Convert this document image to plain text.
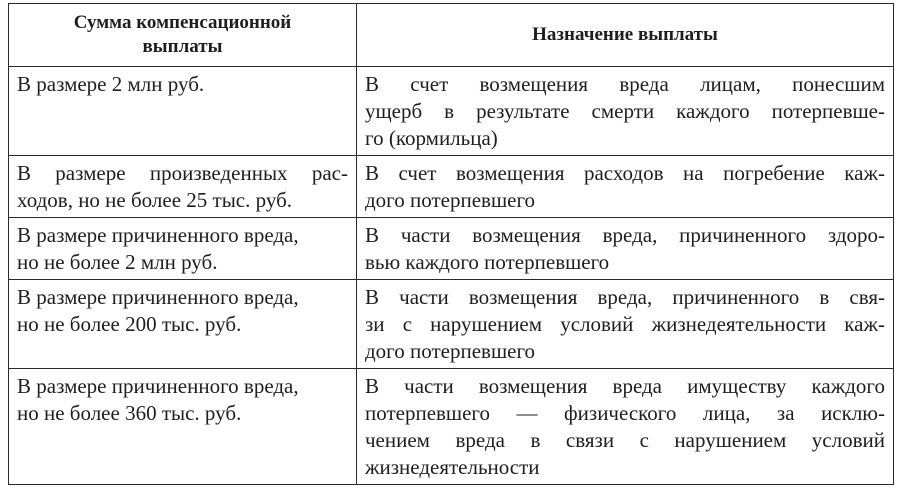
Сумма компенсационной
выплаты	Назначение выплаты

В размере 2 млн руб.	В счет возмещения вреда лицам, понесшим
ущерб в результате смерти каждого потерпевше-
го (кормильца)

В размере произведенных рас-
ходов, но не более 25 тыс. руб.	В счет возмещения расходов на погребение каж-
дого потерпевшего

В размере причиненного вреда,
но не более 2 млн руб.	В части возмещения вреда, причиненного здоро-
вью каждого потерпевшего

В размере причиненного вреда,
но не более 200 тыс. руб.	В части возмещения вреда, причиненного в свя-
зи с нарушением условий жизнедеятельности каж-
дого потерпевшего

В размере причиненного вреда,
но не более 360 тыс. руб.	В части возмещения вреда имуществу каждого
потерпевшего — физического лица, за исклю-
чением вреда в связи с нарушением условий
жизнедеятельности
